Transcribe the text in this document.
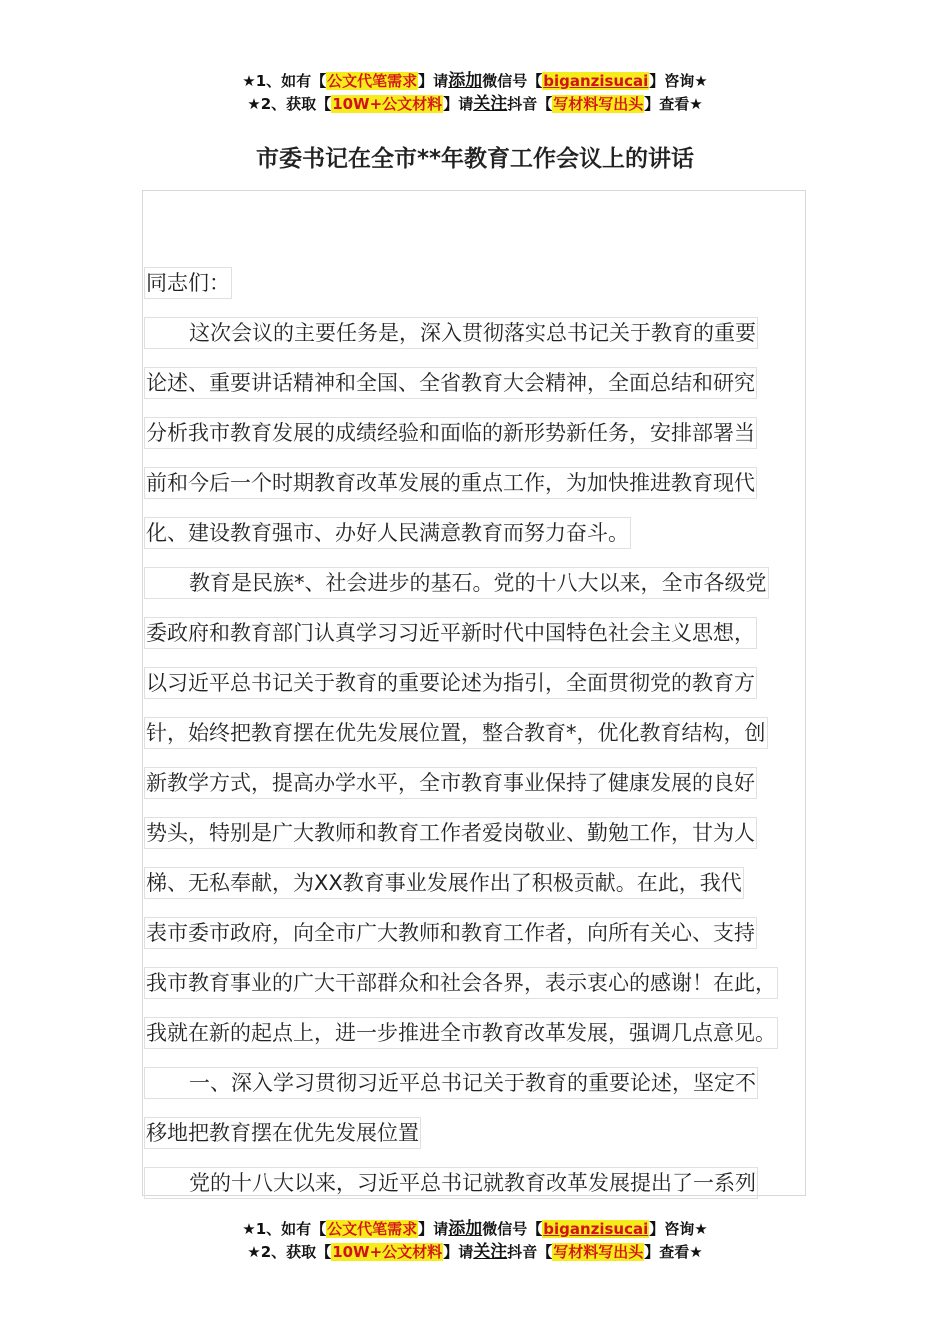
★1、如有【公文代笔需求】请添加微信号【biganzisucai】咨询★
★2、获取【10W+公文材料】请关注抖音【写材料写出头】查看★
市委书记在全市**年教育工作会议上的讲话
同志们：
这次会议的主要任务是，深入贯彻落实总书记关于教育的重要
论述、重要讲话精神和全国、全省教育大会精神，全面总结和研究
分析我市教育发展的成绩经验和面临的新形势新任务，安排部署当
前和今后一个时期教育改革发展的重点工作，为加快推进教育现代
化、建设教育强市、办好人民满意教育而努力奋斗。
教育是民族*、社会进步的基石。党的十八大以来，全市各级党
委政府和教育部门认真学习习近平新时代中国特色社会主义思想，
以习近平总书记关于教育的重要论述为指引，全面贯彻党的教育方
针，始终把教育摆在优先发展位置，整合教育*，优化教育结构，创
新教学方式，提高办学水平，全市教育事业保持了健康发展的良好
势头，特别是广大教师和教育工作者爱岗敬业、勤勉工作，甘为人
梯、无私奉献，为XX教育事业发展作出了积极贡献。在此，我代
表市委市政府，向全市广大教师和教育工作者，向所有关心、支持
我市教育事业的广大干部群众和社会各界，表示衷心的感谢！在此，
我就在新的起点上，进一步推进全市教育改革发展，强调几点意见。
一、深入学习贯彻习近平总书记关于教育的重要论述，坚定不
移地把教育摆在优先发展位置
党的十八大以来，习近平总书记就教育改革发展提出了一系列
★1、如有【公文代笔需求】请添加微信号【biganzisucai】咨询★
★2、获取【10W+公文材料】请关注抖音【写材料写出头】查看★
